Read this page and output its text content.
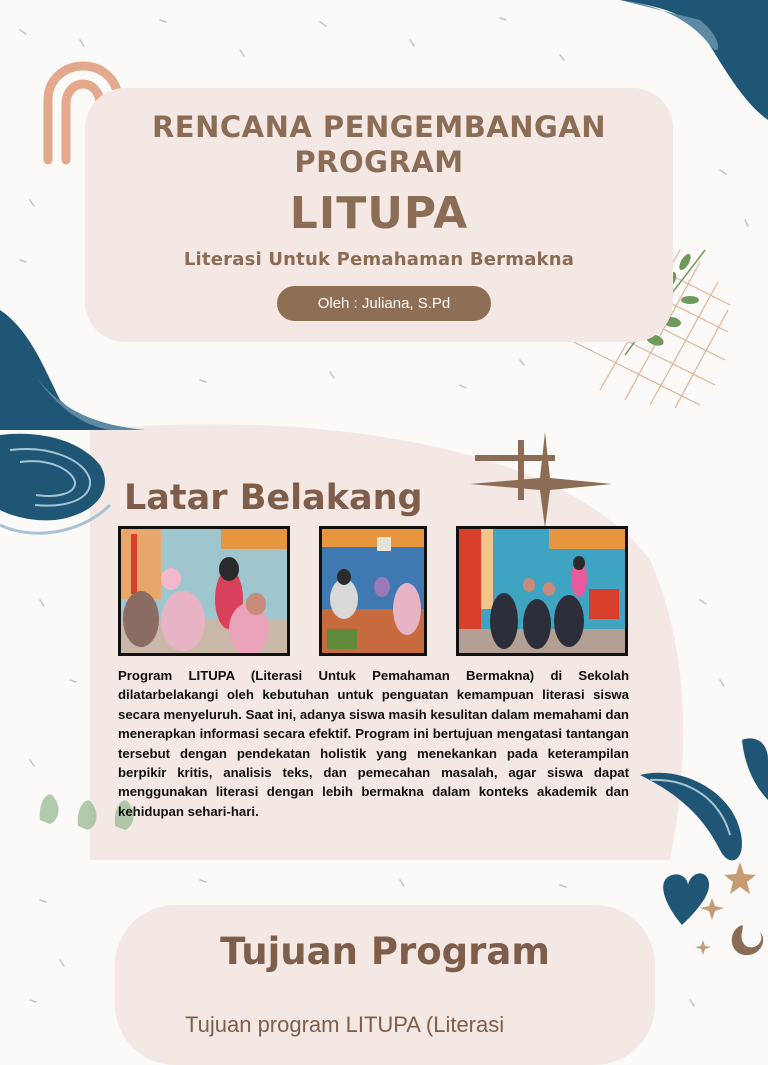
RENCANA PENGEMBANGAN
PROGRAM
LITUPA
Literasi Untuk Pemahaman Bermakna
Oleh : Juliana, S.Pd
Latar Belakang
Program LITUPA (Literasi Untuk Pemahaman Bermakna) di Sekolah dilatarbelakangi oleh kebutuhan untuk penguatan kemampuan literasi siswa secara menyeluruh. Saat ini, adanya siswa masih kesulitan dalam memahami dan menerapkan informasi secara efektif. Program ini bertujuan mengatasi tantangan tersebut dengan pendekatan holistik yang menekankan pada keterampilan berpikir kritis, analisis teks, dan pemecahan masalah, agar siswa dapat menggunakan literasi dengan lebih bermakna dalam konteks akademik dan kehidupan sehari-hari.
Tujuan Program
Tujuan program LITUPA (Literasi
